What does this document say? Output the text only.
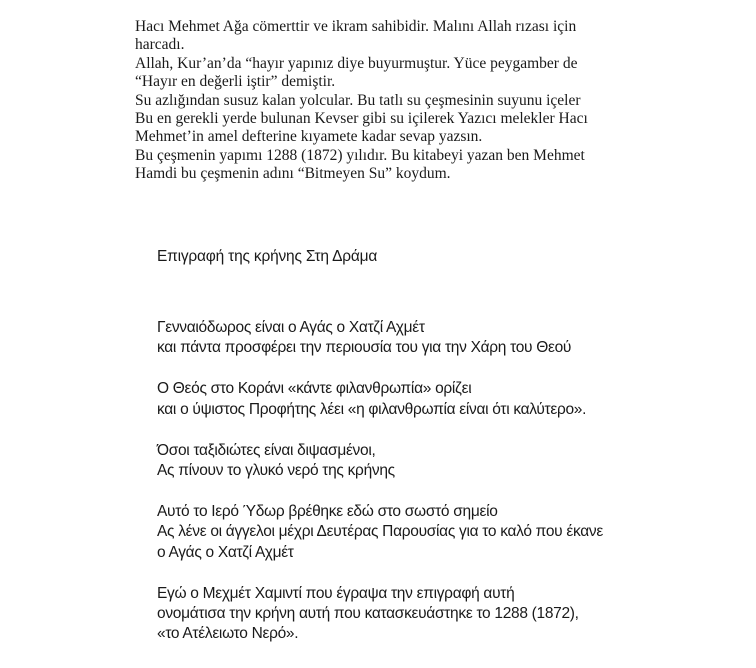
Hacı Mehmet Ağa cömerttir ve ikram sahibidir. Malını Allah rızası için
harcadı.
Allah, Kur’an’da “hayır yapınız diye buyurmuştur. Yüce peygamber de
“Hayır en değerli iştir” demiştir.
Su azlığından susuz kalan yolcular. Bu tatlı su çeşmesinin suyunu içeler
Bu en gerekli yerde bulunan Kevser gibi su içilerek Yazıcı melekler Hacı
Mehmet’in amel defterine kıyamete kadar sevap yazsın.
Bu çeşmenin yapımı 1288 (1872) yılıdır. Bu kitabeyi yazan ben Mehmet
Hamdi bu çeşmenin adını “Bitmeyen Su” koydum.
Επιγραφή της κρήνης Στη Δράμα
Γενναιόδωρος είναι ο Αγάς ο Χατζί Αχμέτ
και πάντα προσφέρει την περιουσία του για την Χάρη του Θεού
Ο Θεός στο Κοράνι «κάντε φιλανθρωπία» ορίζει
και ο ύψιστος Προφήτης λέει «η φιλανθρωπία είναι ότι καλύτερο».
Όσοι ταξιδιώτες είναι διψασμένοι,
Ας πίνουν το γλυκό νερό της κρήνης
Αυτό το Ιερό Ύδωρ βρέθηκε εδώ στο σωστό σημείο
Ας λένε οι άγγελοι μέχρι Δευτέρας Παρουσίας για το καλό που έκανε
ο Αγάς ο Χατζί Αχμέτ
Εγώ ο Μεχμέτ Χαμιντί που έγραψα την επιγραφή αυτή
ονομάτισα την κρήνη αυτή που κατασκευάστηκε το 1288 (1872),
«το Ατέλειωτο Νερό».
